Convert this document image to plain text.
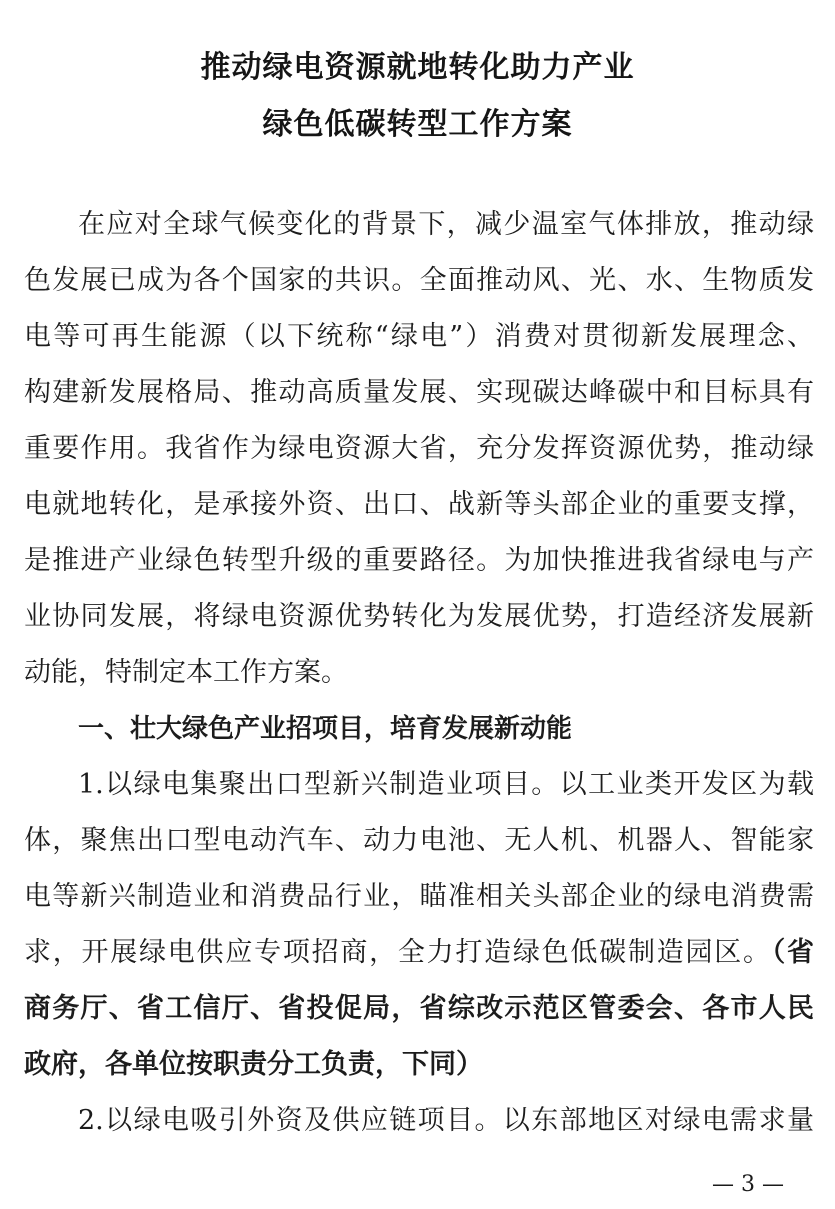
推动绿电资源就地转化助力产业
绿色低碳转型工作方案
在应对全球气候变化的背景下，减少温室气体排放，推动绿
色发展已成为各个国家的共识。全面推动风、光、水、生物质发
电等可再生能源（以下统称“绿电”）消费对贯彻新发展理念、
构建新发展格局、推动高质量发展、实现碳达峰碳中和目标具有
重要作用。我省作为绿电资源大省，充分发挥资源优势，推动绿
电就地转化，是承接外资、出口、战新等头部企业的重要支撑，
是推进产业绿色转型升级的重要路径。为加快推进我省绿电与产
业协同发展，将绿电资源优势转化为发展优势，打造经济发展新
动能，特制定本工作方案。
一、壮大绿色产业招项目，培育发展新动能
1.以绿电集聚出口型新兴制造业项目。以工业类开发区为载
体，聚焦出口型电动汽车、动力电池、无人机、机器人、智能家
电等新兴制造业和消费品行业，瞄准相关头部企业的绿电消费需
求，开展绿电供应专项招商，全力打造绿色低碳制造园区。（省
商务厅、省工信厅、省投促局，省综改示范区管委会、各市人民
政府，各单位按职责分工负责，下同）
2.以绿电吸引外资及供应链项目。以东部地区对绿电需求量
— 3 —
